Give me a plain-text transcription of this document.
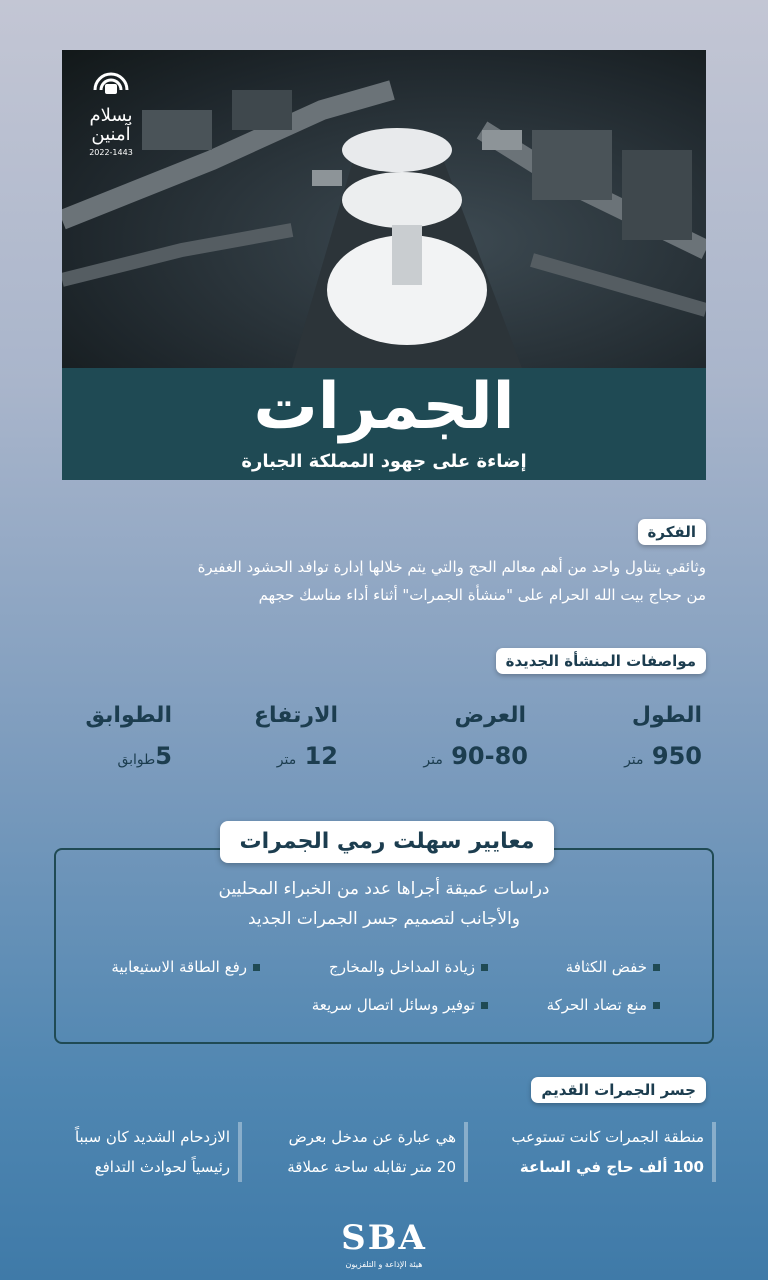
بسلام
آمنين
2022-1443
الجمرات
إضاءة على جهود المملكة الجبارة
الفكرة
وثائقي يتناول واحد من أهم معالم الحج والتي يتم خلالها إدارة توافد الحشود الغفيرة
من حجاج بيت الله الحرام على "منشأة الجمرات" أثناء أداء مناسك حجهم
مواصفات المنشأة الجديدة
الطول
950 متر
العرض
90-80 متر
الارتفاع
12 متر
الطوابق
5طوابق
معايير سهلت رمي الجمرات
دراسات عميقة أجراها عدد من الخبراء المحليين
والأجانب لتصميم جسر الجمرات الجديد
خفض الكثافة
زيادة المداخل والمخارج
رفع الطاقة الاستيعابية
منع تضاد الحركة
توفير وسائل اتصال سريعة
جسر الجمرات القديم
منطقة الجمرات كانت تستوعب
100 ألف حاج في الساعة
هي عبارة عن مدخل بعرض
20 متر تقابله ساحة عملاقة
الازدحام الشديد كان سبباً
رئيسياً لحوادث التدافع
SBA
هيئة الإذاعة و التلفزيون
